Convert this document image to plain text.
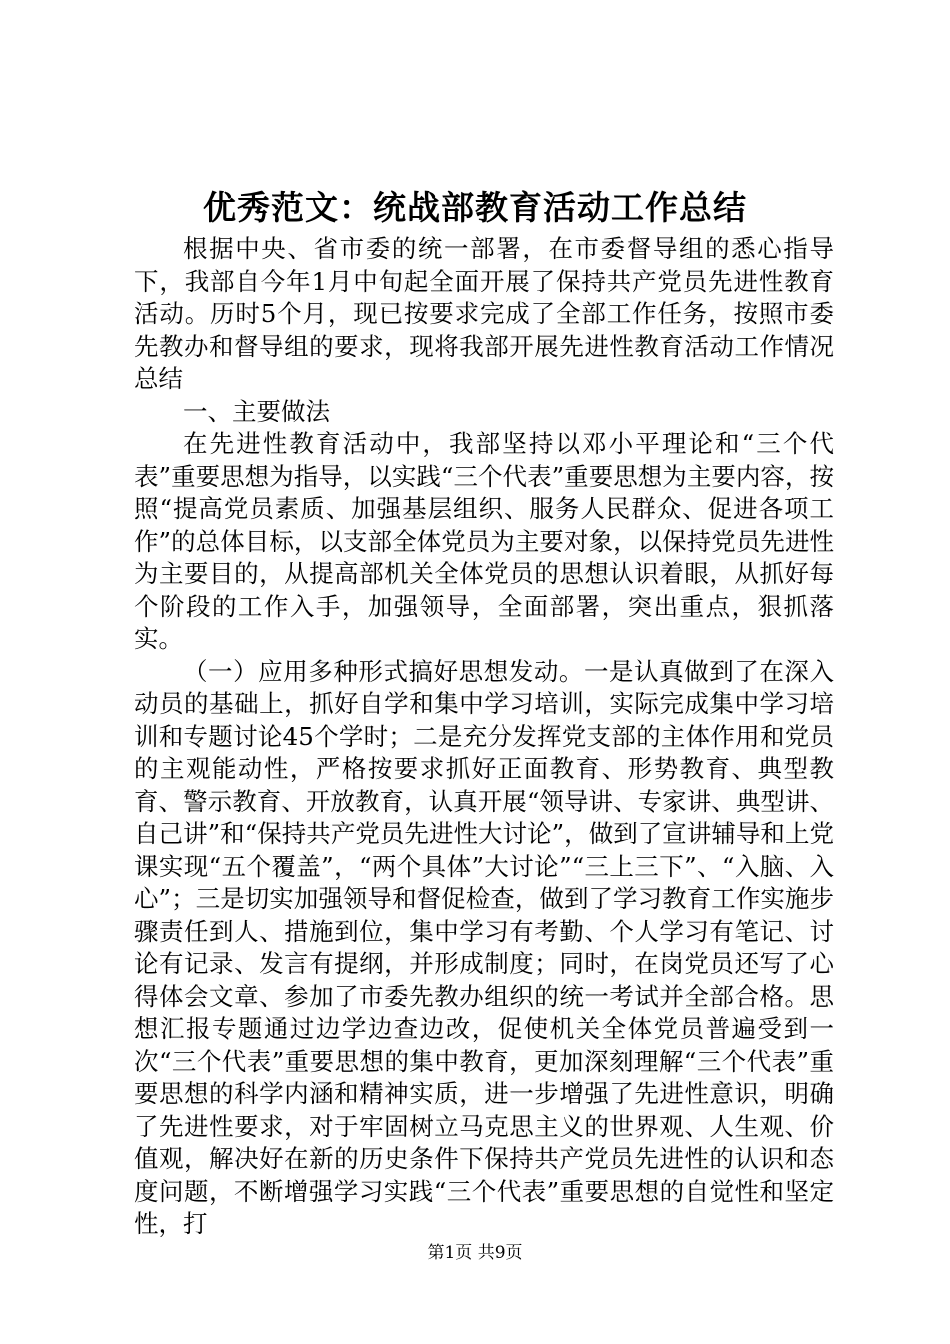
优秀范文：统战部教育活动工作总结

根据中央、省市委的统一部署，在市委督导组的悉心指导下，我部自今年1月中旬起全面开展了保持共产党员先进性教育活动。历时5个月，现已按要求完成了全部工作任务，按照市委先教办和督导组的要求，现将我部开展先进性教育活动工作情况总结

一、主要做法

在先进性教育活动中，我部坚持以邓小平理论和“三个代表”重要思想为指导，以实践“三个代表”重要思想为主要内容，按照“提高党员素质、加强基层组织、服务人民群众、促进各项工作”的总体目标，以支部全体党员为主要对象，以保持党员先进性为主要目的，从提高部机关全体党员的思想认识着眼，从抓好每个阶段的工作入手，加强领导，全面部署，突出重点，狠抓落实。

（一）应用多种形式搞好思想发动。一是认真做到了在深入动员的基础上，抓好自学和集中学习培训，实际完成集中学习培训和专题讨论45个学时；二是充分发挥党支部的主体作用和党员的主观能动性，严格按要求抓好正面教育、形势教育、典型教育、警示教育、开放教育，认真开展“领导讲、专家讲、典型讲、自己讲”和“保持共产党员先进性大讨论”，做到了宣讲辅导和上党课实现“五个覆盖”，“两个具体”大讨论”“三上三下”、“入脑、入心”；三是切实加强领导和督促检查，做到了学习教育工作实施步骤责任到人、措施到位，集中学习有考勤、个人学习有笔记、讨论有记录、发言有提纲，并形成制度；同时，在岗党员还写了心得体会文章、参加了市委先教办组织的统一考试并全部合格。思想汇报专题通过边学边查边改，促使机关全体党员普遍受到一次“三个代表”重要思想的集中教育，更加深刻理解“三个代表”重要思想的科学内涵和精神实质，进一步增强了先进性意识，明确了先进性要求，对于牢固树立马克思主义的世界观、人生观、价值观，解决好在新的历史条件下保持共产党员先进性的认识和态度问题，不断增强学习实践“三个代表”重要思想的自觉性和坚定性，打

第1页 共9页
